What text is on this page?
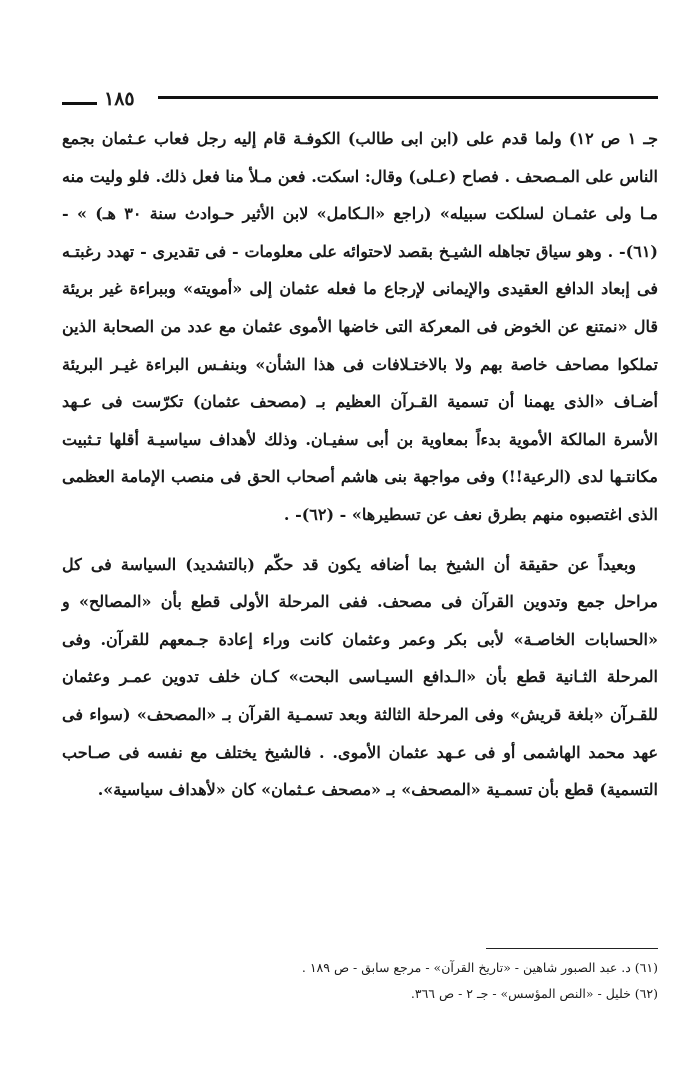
١٨٥

جـ ١ ص ١٢) ولما قدم على (ابن ابى طالب) الكوفـة قام إليه رجل فعاب عـثمان بجمع الناس على المـصحف . فصاح (عـلى) وقال: اسكت. فعن مـلأ منا فعل ذلك. فلو وليت منه مـا ولى عثمـان لسلكت سبيله» (راجع «الـكامل» لابن الأثير حـوادث سنة ٣٠ هـ) » - (٦١)- . وهو سياق تجاهله الشيـخ بقصد لاحتوائه على معلومات - فى تقديرى - تهدد رغبتـه فى إبعاد الدافع العقيدى والإيمانى لإرجاع ما فعله عثمان إلى «أمويته» وببراءة غير بريئة قال «نمتنع عن الخوض فى المعركة التى خاضها الأموى عثمان مع عدد من الصحابة الذين تملكوا مصاحف خاصة بهم ولا بالاختـلافات فى هذا الشأن» وبنفـس البراءة غيـر البريئة أضـاف «الذى يهمنا أن تسمية القـرآن العظيم بـ (مصحف عثمان) تكرّست فى عـهد الأسرة المالكة الأموية بدءاً بمعاوية بن أبى سفيـان. وذلك لأهداف سياسيـة أقلها تـثبيت مكانتـها لدى (الرعية!!) وفى مواجهة بنى هاشم أصحاب الحق فى منصب الإمامة العظمى الذى اغتصبوه منهم بطرق نعف عن تسطيرها» - (٦٢)- .

وبعيداً عن حقيقة أن الشيخ بما أضافه يكون قد حكّم (بالتشديد) السياسة فى كل مراحل جمع وتدوين القرآن فى مصحف. ففى المرحلة الأولى قطع بأن «المصالح» و «الحسابات الخاصـة» لأبى بكر وعمر وعثمان كانت وراء إعادة جـمعهم للقرآن. وفى المرحلة الثـانية قطع بأن «الـدافع السيـاسى البحت» كـان خلف تدوين عمـر وعثمان للقـرآن «بلغة قريش» وفى المرحلة الثالثة وبعد تسمـية القرآن بـ «المصحف» (سواء فى عهد محمد الهاشمى أو فى عـهد عثمان الأموى. . فالشيخ يختلف مع نفسه فى صـاحب التسمية) قطع بأن تسمـية «المصحف» بـ «مصحف عـثمان» كان «لأهداف سياسية».

(٦١) د. عبد الصبور شاهين - «تاريخ القرآن» - مرجع سابق - ص ١٨٩ .

(٦٢) خليل - «النص المؤسس» - جـ ٢ - ص ٣٦٦.
